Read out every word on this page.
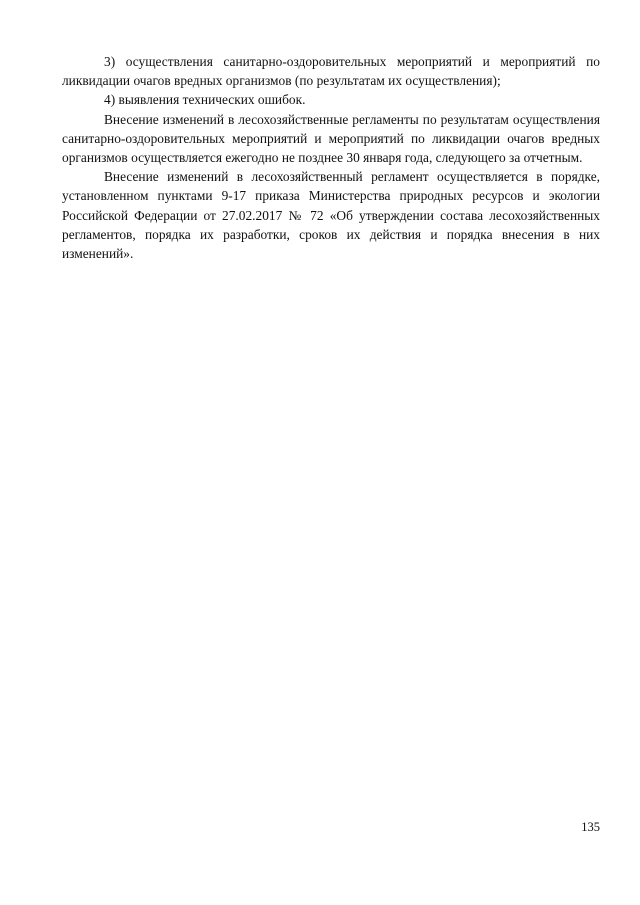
3) осуществления санитарно-оздоровительных мероприятий и мероприятий по ликвидации очагов вредных организмов (по результатам их осуществления);

4) выявления технических ошибок.

Внесение изменений в лесохозяйственные регламенты по результатам осуществления санитарно-оздоровительных мероприятий и мероприятий по ликвидации очагов вредных организмов осуществляется ежегодно не позднее 30 января года, следующего за отчетным.

Внесение изменений в лесохозяйственный регламент осуществляется в порядке, установленном пунктами 9-17 приказа Министерства природных ресурсов и экологии Российской Федерации от 27.02.2017 № 72 «Об утверждении состава лесохозяйственных регламентов, порядка их разработки, сроков их действия и порядка внесения в них изменений».

135
